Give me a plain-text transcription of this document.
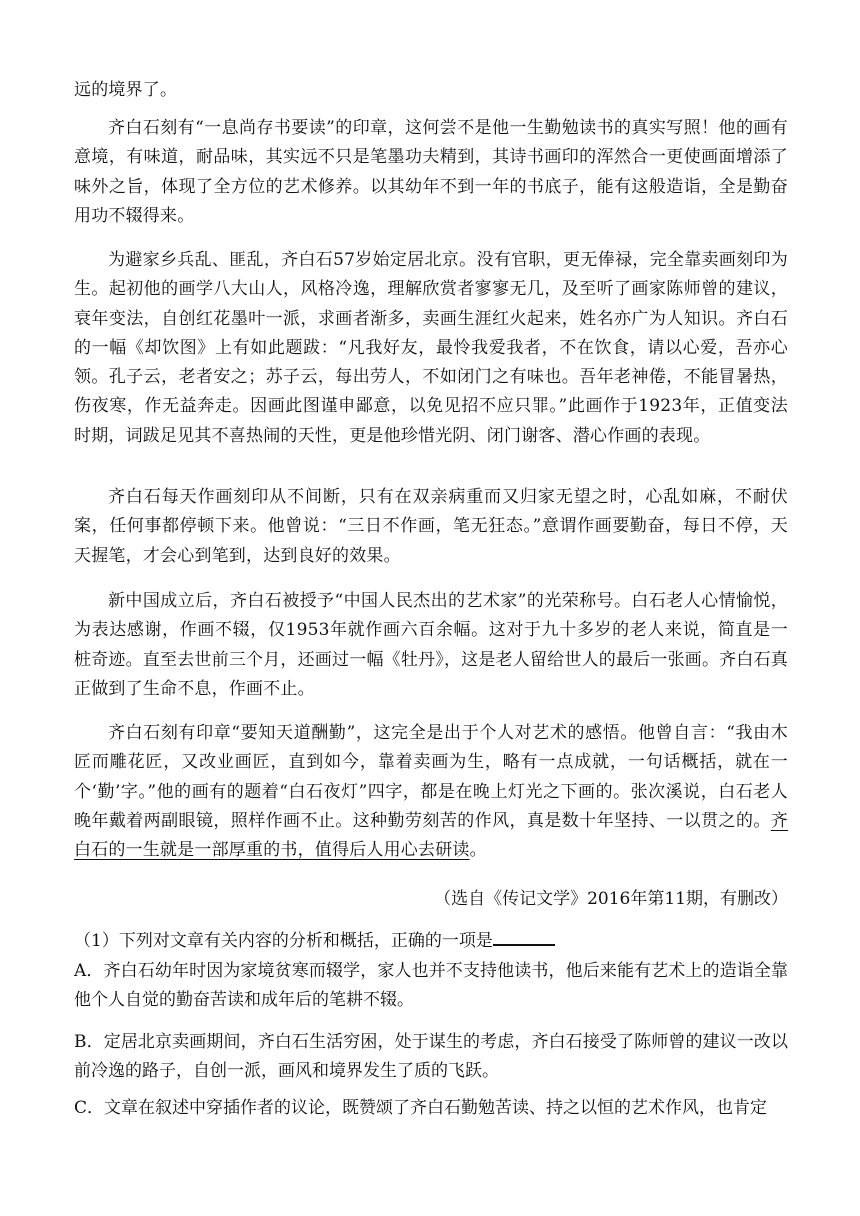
远的境界了。
齐白石刻有“一息尚存书要读”的印章，这何尝不是他一生勤勉读书的真实写照！他的画有意境，有味道，耐品味，其实远不只是笔墨功夫精到，其诗书画印的浑然合一更使画面增添了味外之旨，体现了全方位的艺术修养。以其幼年不到一年的书底子，能有这般造诣，全是勤奋用功不辍得来。
为避家乡兵乱、匪乱，齐白石57岁始定居北京。没有官职，更无俸禄，完全靠卖画刻印为生。起初他的画学八大山人，风格冷逸，理解欣赏者寥寥无几，及至听了画家陈师曾的建议，衰年变法，自创红花墨叶一派，求画者渐多，卖画生涯红火起来，姓名亦广为人知识。齐白石的一幅《却饮图》上有如此题跋：“凡我好友，最怜我爱我者，不在饮食，请以心爱，吾亦心领。孔子云，老者安之；苏子云，每出劳人，不如闭门之有味也。吾年老神倦，不能冒暑热，伤夜寒，作无益奔走。因画此图谨申鄙意，以免见招不应只罪。”此画作于1923年，正值变法时期，词跋足见其不喜热闹的天性，更是他珍惜光阴、闭门谢客、潜心作画的表现。
齐白石每天作画刻印从不间断，只有在双亲病重而又归家无望之时，心乱如麻，不耐伏案，任何事都停顿下来。他曾说：“三日不作画，笔无狂态。”意谓作画要勤奋，每日不停，天天握笔，才会心到笔到，达到良好的效果。
新中国成立后，齐白石被授予“中国人民杰出的艺术家”的光荣称号。白石老人心情愉悦，为表达感谢，作画不辍，仅1953年就作画六百余幅。这对于九十多岁的老人来说，简直是一桩奇迹。直至去世前三个月，还画过一幅《牡丹》，这是老人留给世人的最后一张画。齐白石真正做到了生命不息，作画不止。
齐白石刻有印章“要知天道酬勤”，这完全是出于个人对艺术的感悟。他曾自言：“我由木匠而雕花匠，又改业画匠，直到如今，靠着卖画为生，略有一点成就，一句话概括，就在一个‘勤’字。”他的画有的题着“白石夜灯”四字，都是在晚上灯光之下画的。张次溪说，白石老人晚年戴着两副眼镜，照样作画不止。这种勤劳刻苦的作风，真是数十年坚持、一以贯之的。齐白石的一生就是一部厚重的书，值得后人用心去研读。
（选自《传记文学》2016年第11期，有删改）
（1）下列对文章有关内容的分析和概括，正确的一项是
A．齐白石幼年时因为家境贫寒而辍学，家人也并不支持他读书，他后来能有艺术上的造诣全靠他个人自觉的勤奋苦读和成年后的笔耕不辍。
B．定居北京卖画期间，齐白石生活穷困，处于谋生的考虑，齐白石接受了陈师曾的建议一改以前冷逸的路子，自创一派，画风和境界发生了质的飞跃。
C．文章在叙述中穿插作者的议论，既赞颂了齐白石勤勉苦读、持之以恒的艺术作风，也肯定
